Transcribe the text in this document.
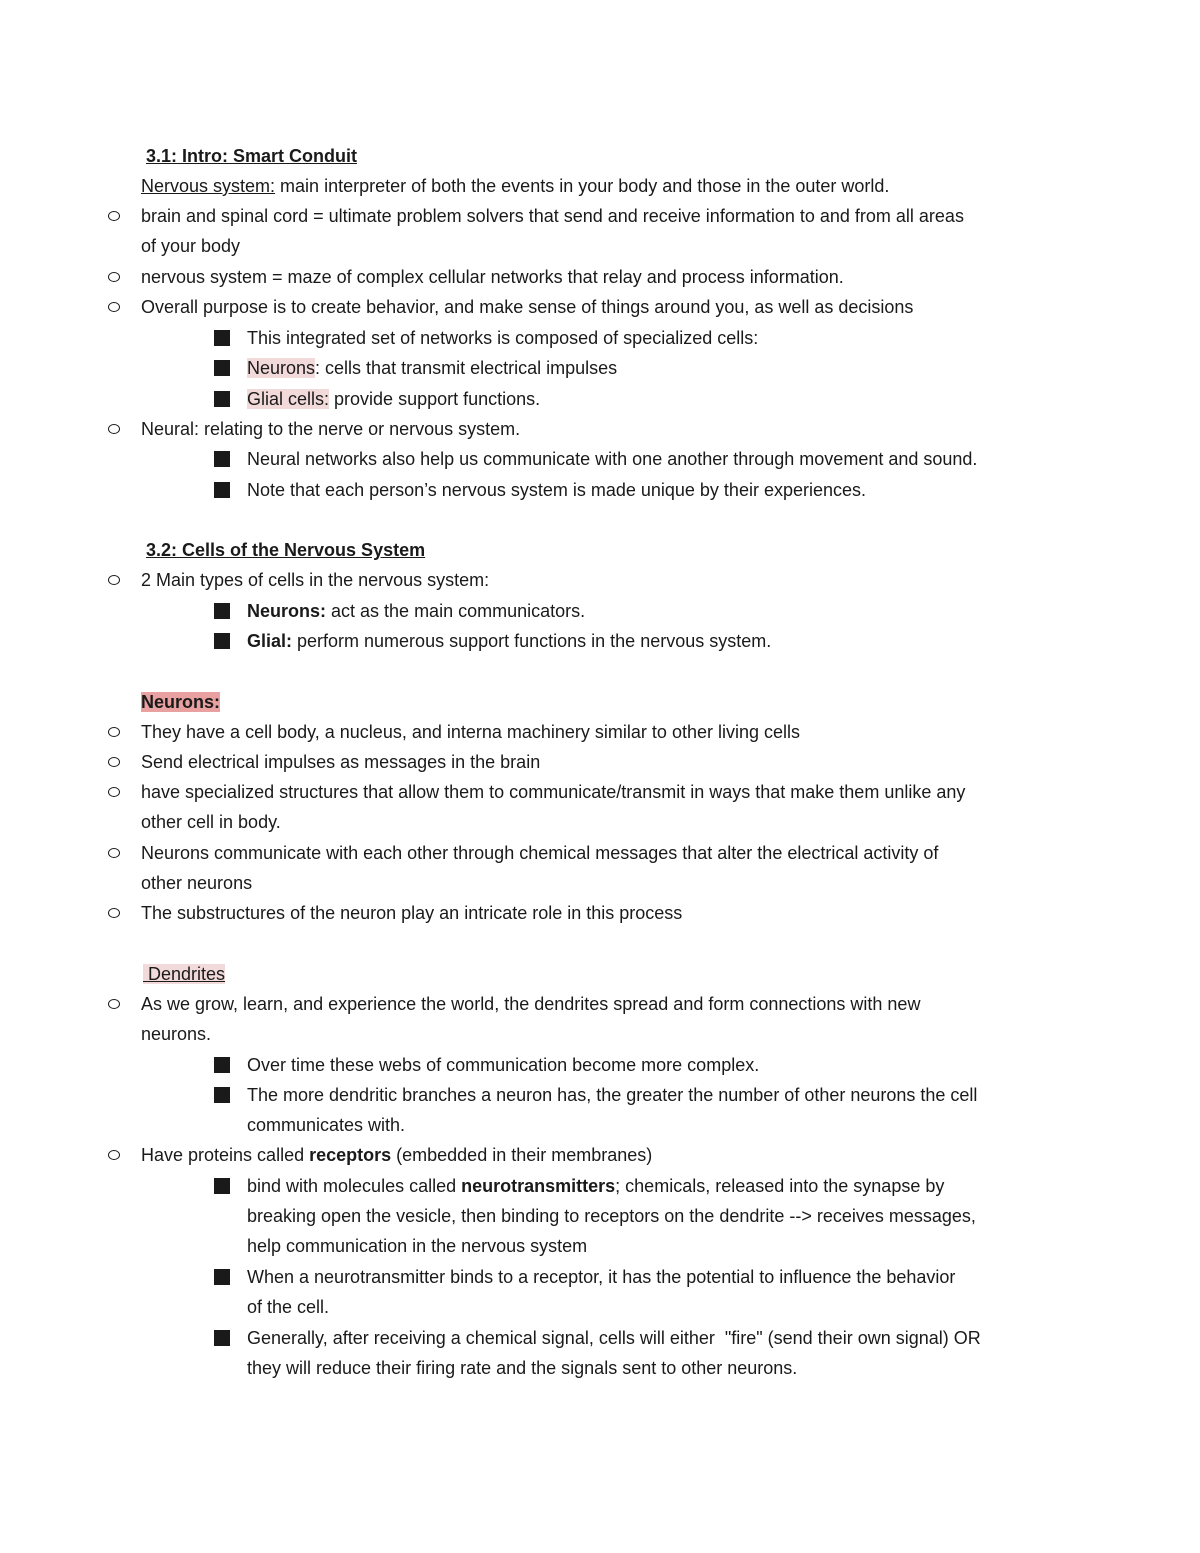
3.1: Intro: Smart Conduit
Nervous system: main interpreter of both the events in your body and those in the outer world.
brain and spinal cord = ultimate problem solvers that send and receive information to and from all areas
of your body
nervous system = maze of complex cellular networks that relay and process information.
Overall purpose is to create behavior, and make sense of things around you, as well as decisions
This integrated set of networks is composed of specialized cells:
Neurons: cells that transmit electrical impulses
Glial cells: provide support functions.
Neural: relating to the nerve or nervous system.
Neural networks also help us communicate with one another through movement and sound.
Note that each person’s nervous system is made unique by their experiences.
3.2: Cells of the Nervous System
2 Main types of cells in the nervous system:
Neurons: act as the main communicators.
Glial: perform numerous support functions in the nervous system.
Neurons:
They have a cell body, a nucleus, and interna machinery similar to other living cells
Send electrical impulses as messages in the brain
have specialized structures that allow them to communicate/transmit in ways that make them unlike any
other cell in body.
Neurons communicate with each other through chemical messages that alter the electrical activity of
other neurons
The substructures of the neuron play an intricate role in this process
Dendrites
As we grow, learn, and experience the world, the dendrites spread and form connections with new
neurons.
Over time these webs of communication become more complex.
The more dendritic branches a neuron has, the greater the number of other neurons the cell
communicates with.
Have proteins called receptors (embedded in their membranes)
bind with molecules called neurotransmitters; chemicals, released into the synapse by
breaking open the vesicle, then binding to receptors on the dendrite --> receives messages,
help communication in the nervous system
When a neurotransmitter binds to a receptor, it has the potential to influence the behavior
of the cell.
Generally, after receiving a chemical signal, cells will either  "fire" (send their own signal) OR
they will reduce their firing rate and the signals sent to other neurons.
